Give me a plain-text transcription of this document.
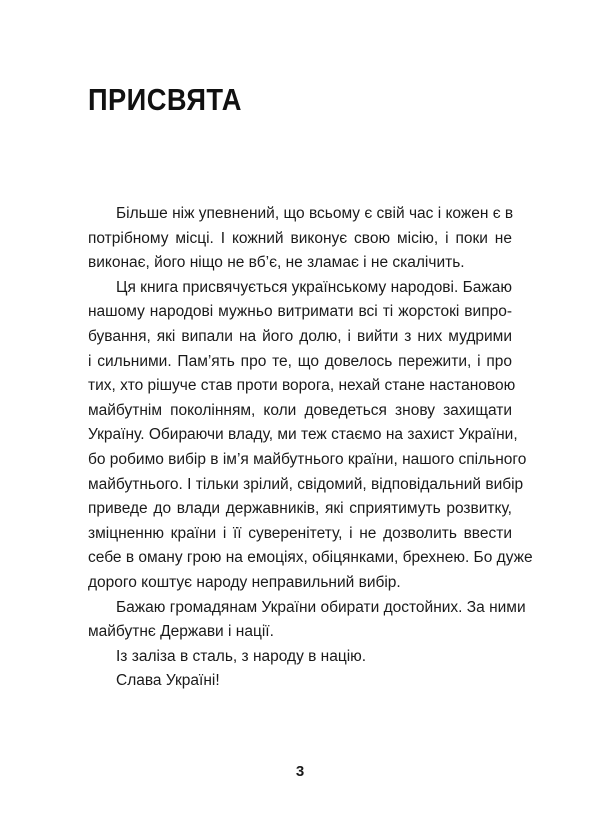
ПРИСВЯТА
Більше ніж упевнений, що всьому є свій час і кожен є в
потрібному місці. І кожний виконує свою місію, і поки не
виконає, його ніщо не вб’є, не зламає і не скалічить.
Ця книга присвячується українському народові. Бажаю
нашому народові мужньо витримати всі ті жорстокі випро-
бування, які випали на його долю, і вийти з них мудрими
і сильними. Пам’ять про те, що довелось пережити, і про
тих, хто рішуче став проти ворога, нехай стане настановою
майбутнім поколінням, коли доведеться знову захищати
Україну. Обираючи владу, ми теж стаємо на захист України,
бо робимо вибір в ім’я майбутнього країни, нашого спільного
майбутнього. І тільки зрілий, свідомий, відповідальний вибір
приведе до влади державників, які сприятимуть розвитку,
зміцненню країни і її суверенітету, і не дозволить ввести
себе в оману грою на емоціях, обіцянками, брехнею. Бо дуже
дорого коштує народу неправильний вибір.
Бажаю громадянам України обирати достойних. За ними
майбутнє Держави і нації.
Із заліза в сталь, з народу в націю.
Слава Україні!
3
